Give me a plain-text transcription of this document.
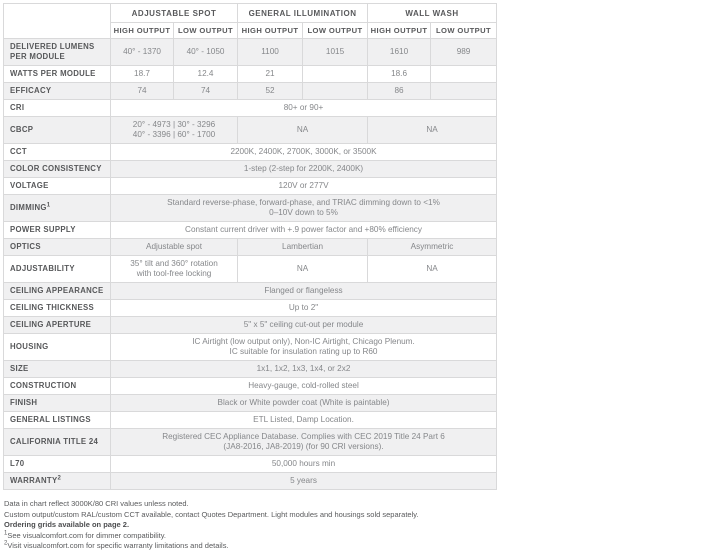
	ADJUSTABLE SPOT		GENERAL ILLUMINATION		WALL WASH	
	HIGH OUTPUT	LOW OUTPUT	HIGH OUTPUT	LOW OUTPUT	HIGH OUTPUT	LOW OUTPUT
DELIVERED LUMENS PER MODULE	40° - 1370	40° - 1050	1100	1015	1610	989
WATTS PER MODULE	18.7	12.4	21		18.6	
EFFICACY	74	74	52		86	
CRI	80+ or 90+					
CBCP	20° - 4973 | 30° - 3296
40° - 3396 | 60° - 1700		NA		NA	
CCT	2200K, 2400K, 2700K, 3000K, or 3500K					
COLOR CONSISTENCY	1-step (2-step for 2200K, 2400K)					
VOLTAGE	120V or 277V					
DIMMING$^1$	Standard reverse-phase, forward-phase, and TRIAC dimming down to <1%
0–10V down to 5%					
POWER SUPPLY	Constant current driver with +.9 power factor and +80% efficiency					
OPTICS	Adjustable spot		Lambertian		Asymmetric	
ADJUSTABILITY	35° tilt and 360° rotation
with tool-free locking		NA		NA	
CEILING APPEARANCE	Flanged or flangeless					
CEILING THICKNESS	Up to 2"					
CEILING APERTURE	5" x 5" ceiling cut-out per module					
HOUSING	IC Airtight (low output only), Non-IC Airtight, Chicago Plenum.
IC suitable for insulation rating up to R60					
SIZE	1x1, 1x2, 1x3, 1x4, or 2x2					
CONSTRUCTION	Heavy-gauge, cold-rolled steel					
FINISH	Black or White powder coat (White is paintable)					
GENERAL LISTINGS	ETL Listed, Damp Location.					
CALIFORNIA TITLE 24	Registered CEC Appliance Database. Complies with CEC 2019 Title 24 Part 6
(JA8-2016, JA8-2019) (for 90 CRI versions).					
L70	50,000 hours min					
WARRANTY$^2$	5 years					
Data in chart reflect 3000K/80 CRI values unless noted.
Custom output/custom RAL/custom CCT available, contact Quotes Department. Light modules and housings sold separately.
Ordering grids available on page 2.
$^1$See visualcomfort.com for dimmer compatibility.
$^2$Visit visualcomfort.com for specific warranty limitations and details.
